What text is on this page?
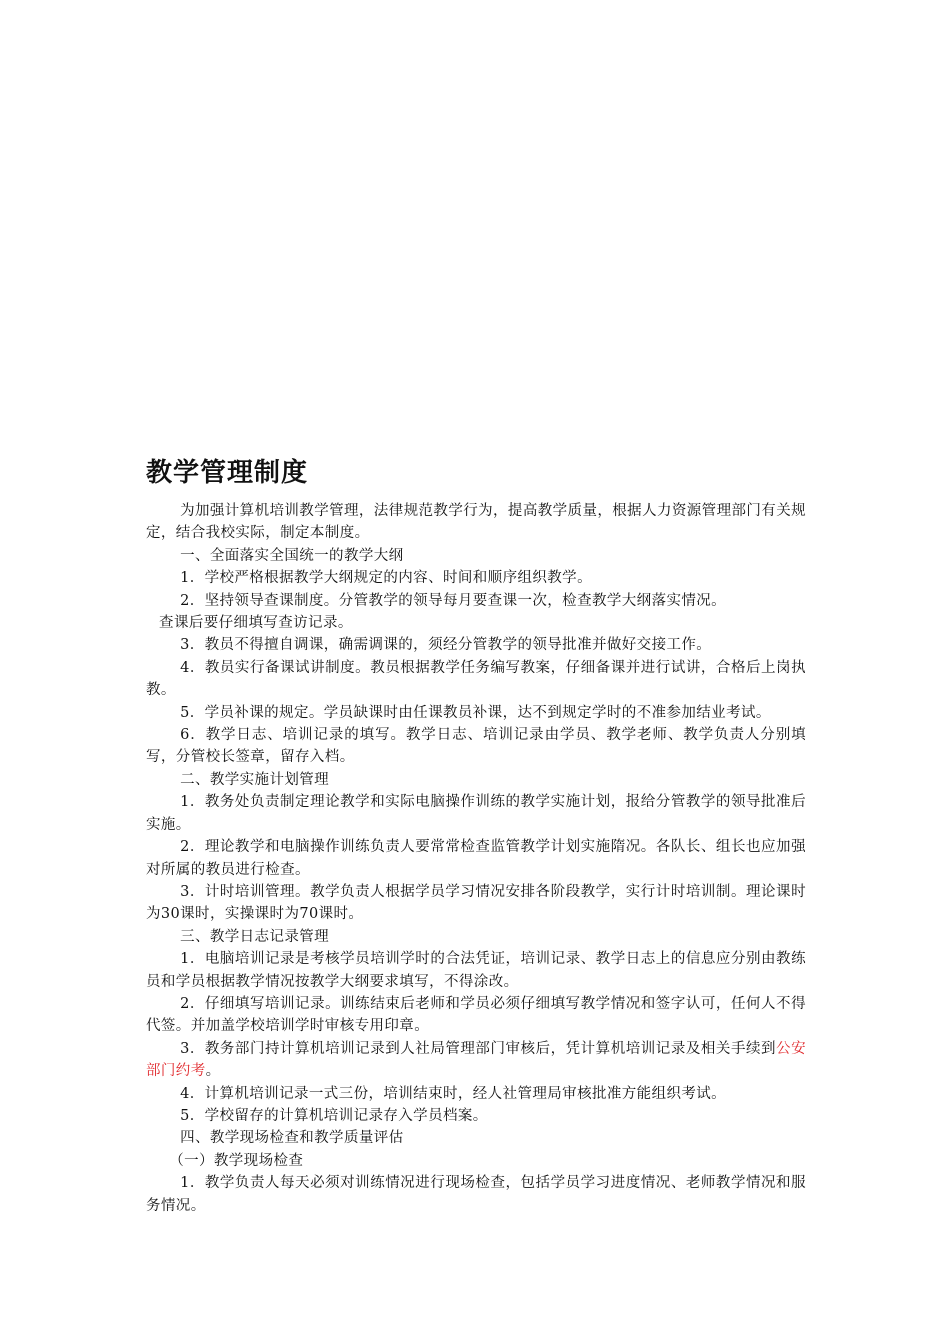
教学管理制度

为加强计算机培训教学管理，法律规范教学行为，提高教学质量，根据人力资源管理部门有关规定，结合我校实际，制定本制度。

一、全面落实全国统一的教学大纲

1．学校严格根据教学大纲规定的内容、时间和顺序组织教学。

2．坚持领导查课制度。分管教学的领导每月要查课一次，检查教学大纲落实情况。

查课后要仔细填写查访记录。

3．教员不得擅自调课，确需调课的，须经分管教学的领导批准并做好交接工作。

4．教员实行备课试讲制度。教员根据教学任务编写教案，仔细备课并进行试讲，合格后上岗执教。

5．学员补课的规定。学员缺课时由任课教员补课，达不到规定学时的不准参加结业考试。

6．教学日志、培训记录的填写。教学日志、培训记录由学员、教学老师、教学负责人分别填写，分管校长签章，留存入档。

二、教学实施计划管理

1．教务处负责制定理论教学和实际电脑操作训练的教学实施计划，报给分管教学的领导批准后实施。

2．理论教学和电脑操作训练负责人要常常检查监管教学计划实施隋况。各队长、组长也应加强对所属的教员进行检查。

3．计时培训管理。教学负责人根据学员学习情况安排各阶段教学，实行计时培训制。理论课时为30课时，实操课时为70课时。

三、教学日志记录管理

1．电脑培训记录是考核学员培训学时的合法凭证，培训记录、教学日志上的信息应分别由教练员和学员根据教学情况按教学大纲要求填写，不得涂改。

2．仔细填写培训记录。训练结束后老师和学员必须仔细填写教学情况和签字认可，任何人不得代签。并加盖学校培训学时审核专用印章。

3．教务部门持计算机培训记录到人社局管理部门审核后，凭计算机培训记录及相关手续到公安部门约考。

4．计算机培训记录一式三份，培训结束时，经人社管理局审核批准方能组织考试。

5．学校留存的计算机培训记录存入学员档案。

四、教学现场检查和教学质量评估

（一）教学现场检查

1．教学负责人每天必须对训练情况进行现场检查，包括学员学习进度情况、老师教学情况和服务情况。
